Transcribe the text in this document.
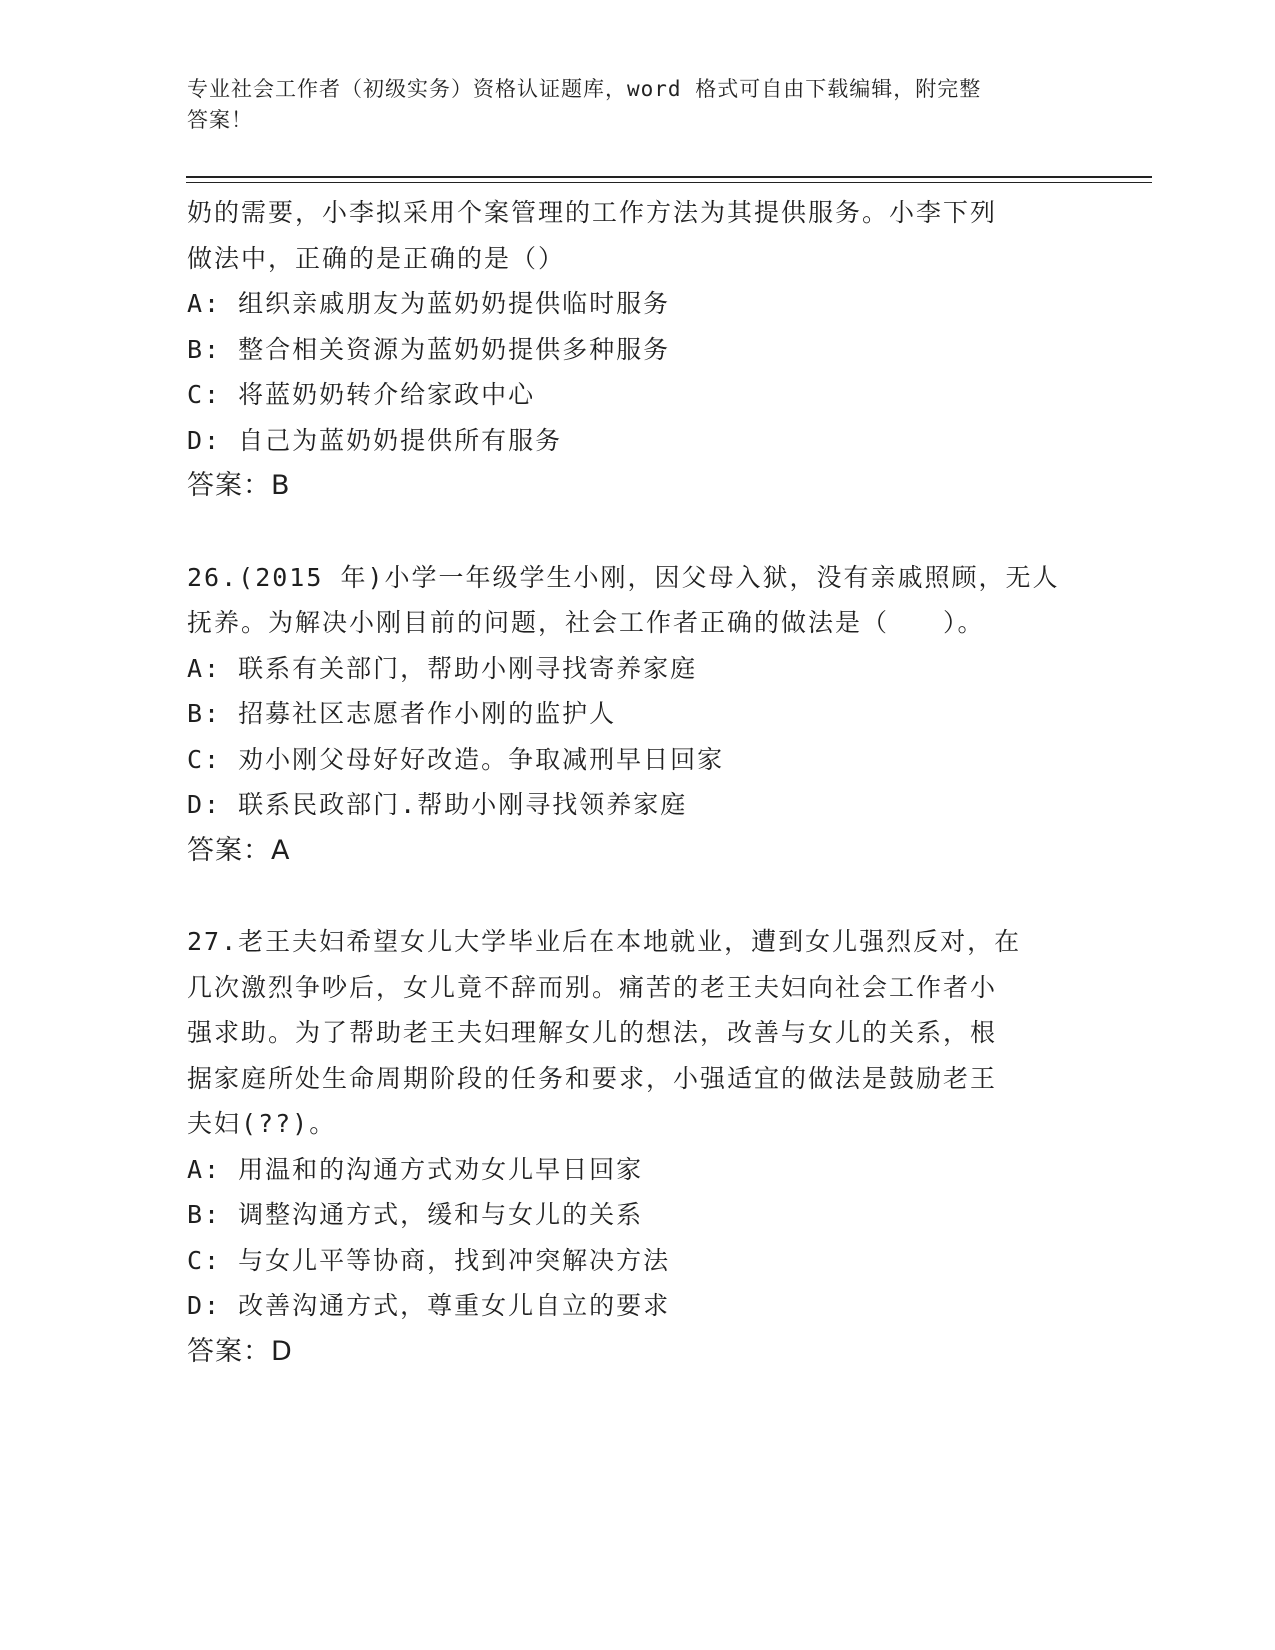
专业社会工作者（初级实务）资格认证题库，word 格式可自由下载编辑，附完整
答案！
奶的需要，小李拟采用个案管理的工作方法为其提供服务。小李下列
做法中，正确的是正确的是（）
A: 组织亲戚朋友为蓝奶奶提供临时服务
B: 整合相关资源为蓝奶奶提供多种服务
C: 将蓝奶奶转介给家政中心
D: 自己为蓝奶奶提供所有服务
答案：B
26.(2015 年)小学一年级学生小刚，因父母入狱，没有亲戚照顾，无人
抚养。为解决小刚目前的问题，社会工作者正确的做法是（　　）。
A: 联系有关部门，帮助小刚寻找寄养家庭
B: 招募社区志愿者作小刚的监护人
C: 劝小刚父母好好改造。争取减刑早日回家
D: 联系民政部门.帮助小刚寻找领养家庭
答案：A
27.老王夫妇希望女儿大学毕业后在本地就业，遭到女儿强烈反对，在
几次激烈争吵后，女儿竟不辞而别。痛苦的老王夫妇向社会工作者小
强求助。为了帮助老王夫妇理解女儿的想法，改善与女儿的关系，根
据家庭所处生命周期阶段的任务和要求，小强适宜的做法是鼓励老王
夫妇(??)。
A: 用温和的沟通方式劝女儿早日回家
B: 调整沟通方式，缓和与女儿的关系
C: 与女儿平等协商，找到冲突解决方法
D: 改善沟通方式，尊重女儿自立的要求
答案：D
